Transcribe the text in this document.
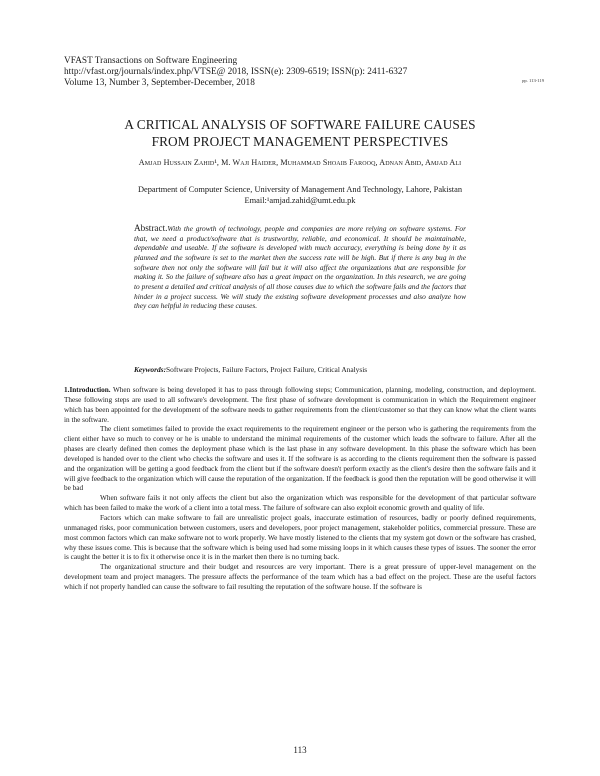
VFAST Transactions on Software Engineering
http://vfast.org/journals/index.php/VTSE@ 2018, ISSN(e): 2309-6519; ISSN(p): 2411-6327
Volume 13, Number 3, September-December, 2018	pp. 113-119
A CRITICAL ANALYSIS OF SOFTWARE FAILURE CAUSES
FROM PROJECT MANAGEMENT PERSPECTIVES
Amjad Hussain Zahid¹, M. Waji Haider, Muhammad Shoaib Farooq, Adnan Abid, Amjad Ali
Department of Computer Science, University of Management And Technology, Lahore, Pakistan
Email:¹amjad.zahid@umt.edu.pk
Abstract.With the growth of technology, people and companies are more relying on software systems. For that, we need a product/software that is trustworthy, reliable, and economical. It should be maintainable, dependable and useable. If the software is developed with much accuracy, everything is being done by it as planned and the software is set to the market then the success rate will be high. But if there is any bug in the software then not only the software will fail but it will also affect the organizations that are responsible for making it. So the failure of software also has a great impact on the organization. In this research, we are going to present a detailed and critical analysis of all those causes due to which the software fails and the factors that hinder in a project success. We will study the existing software development processes and also analyze how they can helpful in reducing these causes.
Keywords:Software Projects, Failure Factors, Project Failure, Critical Analysis

1.Introduction. When software is being developed it has to pass through following steps; Communication, planning, modeling, construction, and deployment. These following steps are used to all software's development. The first phase of software development is communication in which the Requirement engineer which has been appointed for the development of the software needs to gather requirements from the client/customer so that they can know what the client wants in the software.

The client sometimes failed to provide the exact requirements to the requirement engineer or the person who is gathering the requirements from the client either have so much to convey or he is unable to understand the minimal requirements of the customer which leads the software to failure. After all the phases are clearly defined then comes the deployment phase which is the last phase in any software development. In this phase the software which has been developed is handed over to the client who checks the software and uses it. If the software is as according to the clients requirement then the software is passed and the organization will be getting a good feedback from the client but if the software doesn't perform exactly as the client's desire then the software fails and it will give feedback to the organization which will cause the reputation of the organization. If the feedback is good then the reputation will be good otherwise it will be bad

When software fails it not only affects the client but also the organization which was responsible for the development of that particular software which has been failed to make the work of a client into a total mess. The failure of software can also exploit economic growth and quality of life.

Factors which can make software to fail are unrealistic project goals, inaccurate estimation of resources, badly or poorly defined requirements, unmanaged risks, poor communication between customers, users and developers, poor project management, stakeholder politics, commercial pressure. These are most common factors which can make software not to work properly. We have mostly listened to the clients that my system got down or the software has crashed, why these issues come. This is because that the software which is being used had some missing loops in it which causes these types of issues. The sooner the error is caught the better it is to fix it otherwise once it is in the market then there is no turning back.

The organizational structure and their budget and resources are very important. There is a great pressure of upper-level management on the development team and project managers. The pressure affects the performance of the team which has a bad effect on the project. These are the useful factors which if not properly handled can cause the software to fail resulting the reputation of the software house. If the software is

113
